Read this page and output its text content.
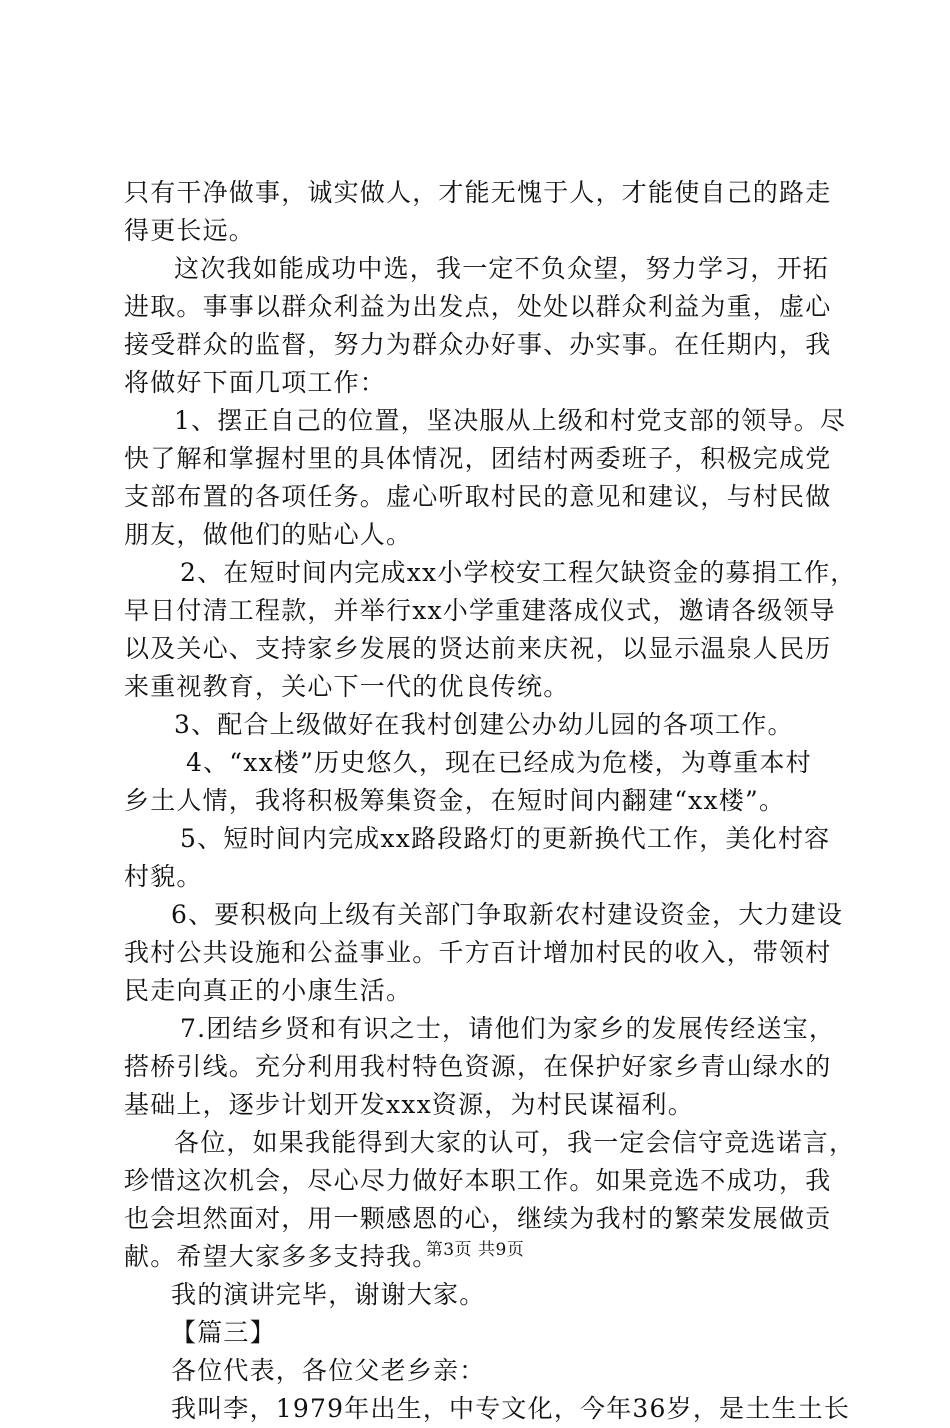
只有干净做事，诚实做人，才能无愧于人，才能使自己的路走
得更长远。
这次我如能成功中选，我一定不负众望，努力学习，开拓
进取。事事以群众利益为出发点，处处以群众利益为重，虚心
接受群众的监督，努力为群众办好事、办实事。在任期内，我
将做好下面几项工作：
1、摆正自己的位置，坚决服从上级和村党支部的领导。尽
快了解和掌握村里的具体情况，团结村两委班子，积极完成党
支部布置的各项任务。虚心听取村民的意见和建议，与村民做
朋友，做他们的贴心人。
2、在短时间内完成xx小学校安工程欠缺资金的募捐工作，
早日付清工程款，并举行xx小学重建落成仪式，邀请各级领导
以及关心、支持家乡发展的贤达前来庆祝，以显示温泉人民历
来重视教育，关心下一代的优良传统。
3、配合上级做好在我村创建公办幼儿园的各项工作。
4、“xx楼”历史悠久，现在已经成为危楼，为尊重本村
乡土人情，我将积极筹集资金，在短时间内翻建“xx楼”。
5、短时间内完成xx路段路灯的更新换代工作，美化村容
村貌。
6、要积极向上级有关部门争取新农村建设资金，大力建设
我村公共设施和公益事业。千方百计增加村民的收入，带领村
民走向真正的小康生活。
7.团结乡贤和有识之士，请他们为家乡的发展传经送宝，
搭桥引线。充分利用我村特色资源，在保护好家乡青山绿水的
基础上，逐步计划开发xxx资源，为村民谋福利。
各位，如果我能得到大家的认可，我一定会信守竞选诺言，
珍惜这次机会，尽心尽力做好本职工作。如果竞选不成功，我
也会坦然面对，用一颗感恩的心，继续为我村的繁荣发展做贡
献。希望大家多多支持我。
我的演讲完毕，谢谢大家。
【篇三】
各位代表，各位父老乡亲：
我叫李，1979年出生，中专文化，今年36岁，是土生土长
第3页 共9页
